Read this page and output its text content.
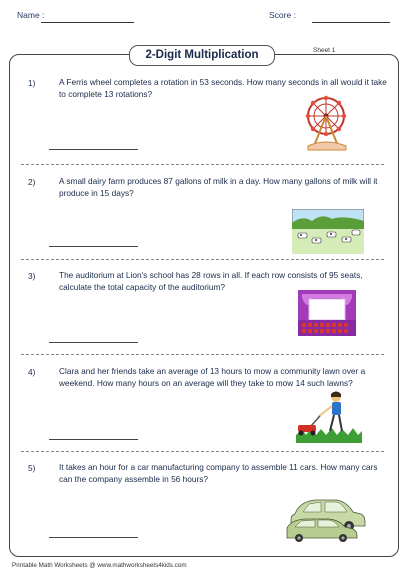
Name :	Score :
2-Digit Multiplication	Sheet 1
1)	A Ferris wheel completes a rotation in 53 seconds. How many seconds in all would it take to complete 13 rotations?
2)	A small dairy farm produces 87 gallons of milk in a day. How many gallons of milk will it produce in 15 days?
3)	The auditorium at Lion's school has 28 rows in all. If each row consists of 95 seats, calculate the total capacity of the auditorium?
4)	Clara and her friends take an average of 13 hours to mow a community lawn over a weekend. How many hours on an average will they take to mow 14 such lawns?
5)	It takes an hour for a car manufacturing company to assemble 11 cars. How many cars can the company assemble in 56 hours?
Printable Math Worksheets @ www.mathworksheets4kids.com
